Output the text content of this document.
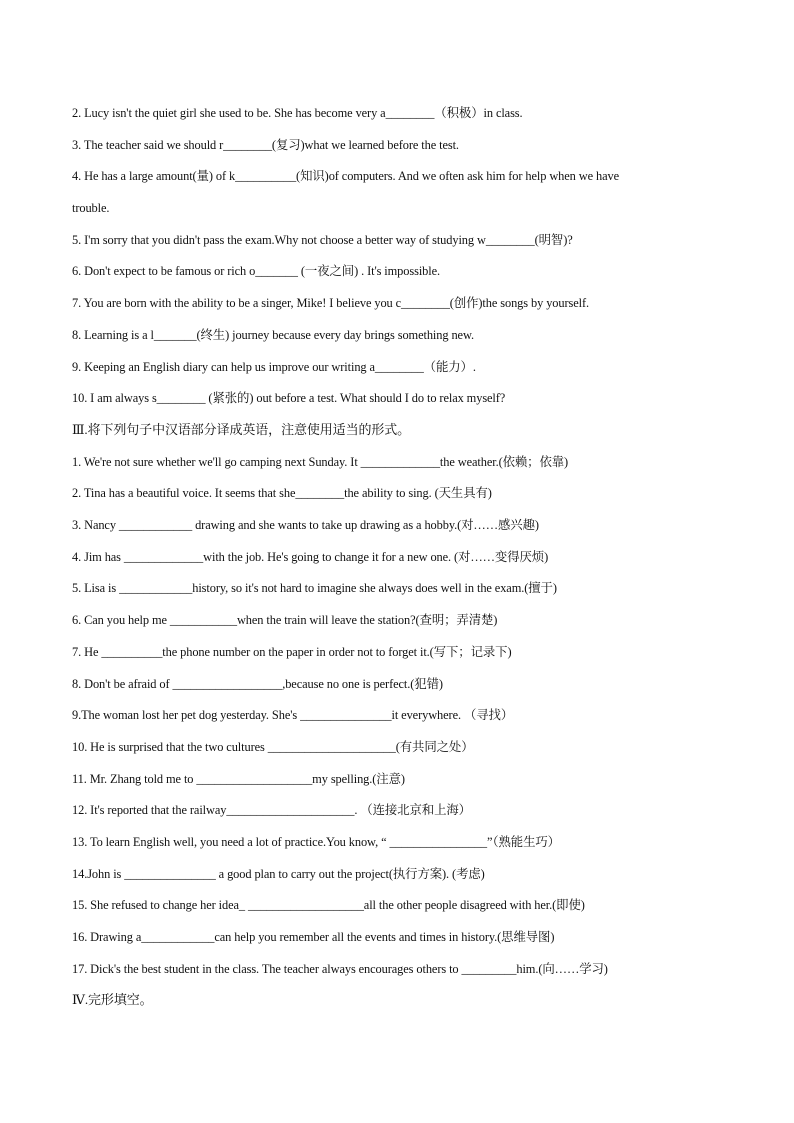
2. Lucy isn't the quiet girl she used to be. She has become very a________（积极）in class.
3. The teacher said we should r________(复习)what we learned before the test.
4. He has a large amount(量) of k__________(知识)of computers. And we often ask him for help when we have
trouble.
5. I'm sorry that you didn't pass the exam.Why not choose a better way of studying w________(明智)?
6. Don't expect to be famous or rich o_______ (一夜之间) . It's impossible.
7. You are born with the ability to be a singer, Mike! I believe you c________(创作)the songs by yourself.
8. Learning is a l_______(终生) journey because every day brings something new.
9. Keeping an English diary can help us improve our writing a________（能力）.
10. I am always s________ (紧张的) out before a test. What should I do to relax myself?
Ⅲ.将下列句子中汉语部分译成英语，注意使用适当的形式。
1. We're not sure whether we'll go camping next Sunday. It _____________the weather.(依赖；依靠)
2. Tina has a beautiful voice. It seems that she________the ability to sing. (天生具有)
3. Nancy ____________ drawing and she wants to take up drawing as a hobby.(对……感兴趣)
4. Jim has _____________with the job. He's going to change it for a new one. (对……变得厌烦)
5. Lisa is ____________history, so it's not hard to imagine she always does well in the exam.(擅于)
6. Can you help me ___________when the train will leave the station?(查明；弄清楚)
7. He __________the phone number on the paper in order not to forget it.(写下；记录下)
8. Don't be afraid of __________________,because no one is perfect.(犯错)
9.The woman lost her pet dog yesterday. She's _______________it everywhere. （寻找）
10. He is surprised that the two cultures _____________________(有共同之处）
11. Mr. Zhang told me to ___________________my spelling.(注意)
12. It's reported that the railway_____________________. （连接北京和上海）
13. To learn English well, you need a lot of practice.You know, “ ________________”（熟能生巧）
14.John is _______________ a good plan to carry out the project(执行方案). (考虑)
15. She refused to change her idea_ ___________________all the other people disagreed with her.(即使)
16. Drawing a____________can help you remember all the events and times in history.(思维导图)
17. Dick's the best student in the class. The teacher always encourages others to _________him.(向……学习)
Ⅳ.完形填空。
